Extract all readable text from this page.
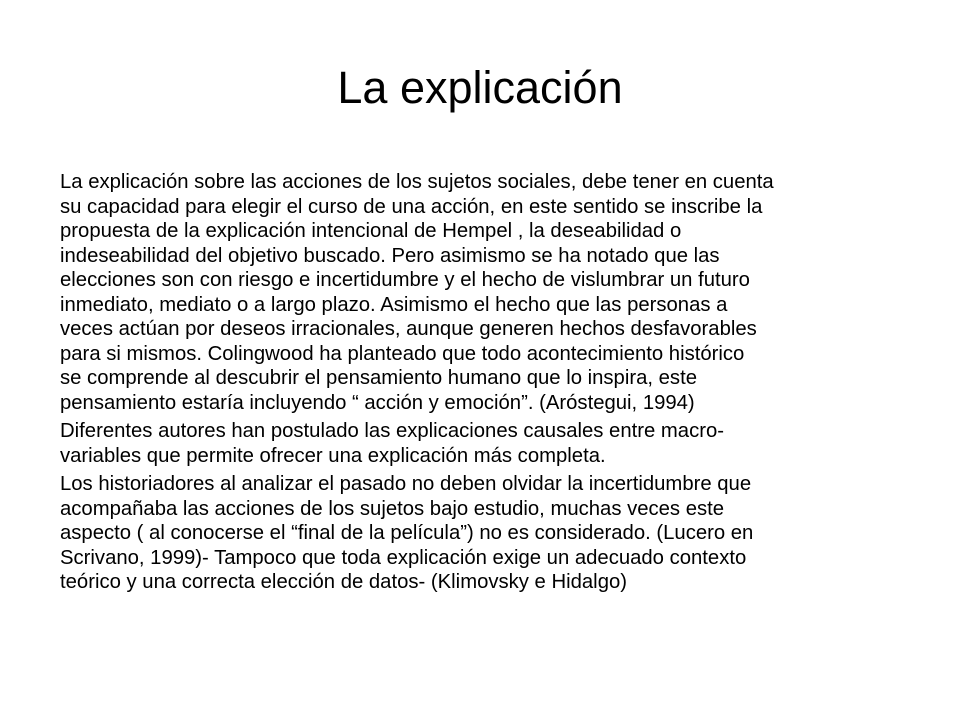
La explicación

La explicación sobre las acciones de los sujetos sociales, debe tener en cuenta
su capacidad para elegir el curso de una acción, en este sentido se inscribe la
propuesta de la explicación intencional de Hempel , la deseabilidad o
indeseabilidad del objetivo buscado. Pero asimismo se ha notado que las
elecciones son con riesgo e incertidumbre y el hecho de vislumbrar un futuro
inmediato, mediato o a largo plazo. Asimismo el hecho que las personas a
veces actúan por deseos irracionales, aunque generen hechos desfavorables
para si mismos. Colingwood ha planteado que todo acontecimiento histórico
se comprende al descubrir el pensamiento humano que lo inspira, este
pensamiento estaría incluyendo “ acción y emoción”. (Aróstegui, 1994)

Diferentes autores han postulado las explicaciones causales entre macro-
variables que permite ofrecer una explicación más completa.

Los historiadores al analizar el pasado no deben olvidar la incertidumbre que
acompañaba las acciones de los sujetos bajo estudio, muchas veces este
aspecto ( al conocerse el “final de la película”) no es considerado. (Lucero en
Scrivano, 1999)- Tampoco que toda explicación exige un adecuado contexto
teórico y una correcta elección de datos- (Klimovsky e Hidalgo)
